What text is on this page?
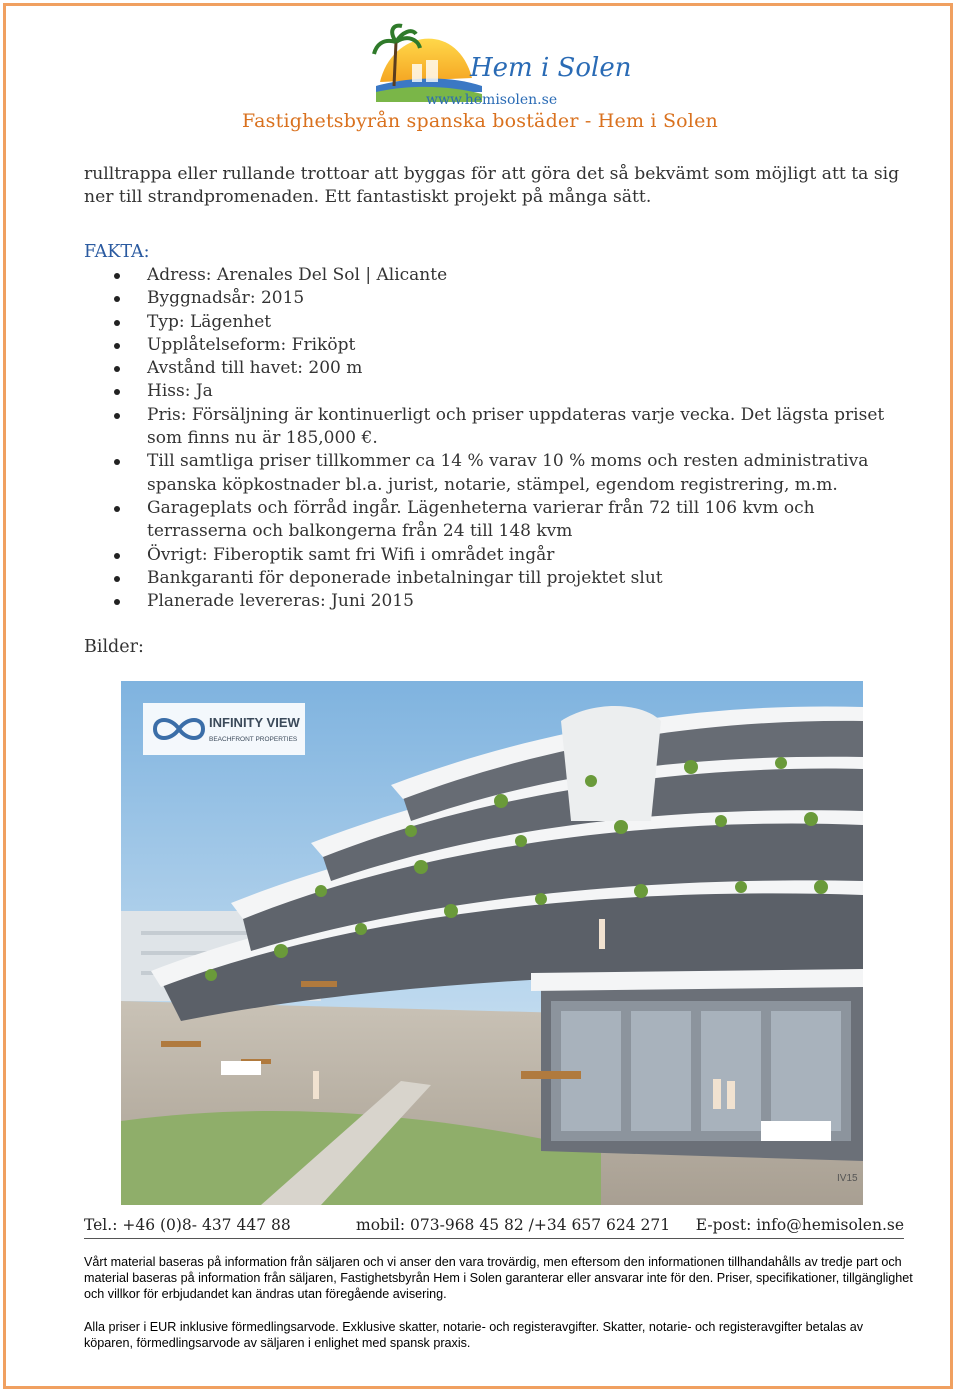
Hem i Solen
www.hemisolen.se
Fastighetsbyrån spanska bostäder - Hem i Solen
rulltrappa eller rullande trottoar att byggas för att göra det så bekvämt som möjligt att ta sig ner till strandpromenaden. Ett fantastiskt projekt på många sätt.
FAKTA:
Adress: Arenales Del Sol | Alicante
Byggnadsår: 2015
Typ: Lägenhet
Upplåtelseform: Friköpt
Avstånd till havet: 200 m
Hiss: Ja
Pris: Försäljning är kontinuerligt och priser uppdateras varje vecka. Det lägsta priset som finns nu är 185,000 €.
Till samtliga priser tillkommer ca 14 % varav 10 % moms och resten administrativa spanska köpkostnader bl.a. jurist, notarie, stämpel, egendom registrering, m.m.
Garageplats och förråd ingår. Lägenheterna varierar från 72 till 106 kvm och terrasserna och balkongerna från 24 till 148 kvm
Övrigt: Fiberoptik samt fri Wifi i området ingår
Bankgaranti för deponerade inbetalningar till projektet slut
Planerade levereras: Juni 2015
Bilder:
INFINITY VIEW
BEACHFRONT PROPERTIES
IV15
Tel.: +46 (0)8- 437 447 88	mobil: 073-968 45 82 /+34 657 624 271 E-post: info@hemisolen.se
Vårt material baseras på information från säljaren och vi anser den vara trovärdig, men eftersom den informationen tillhandahålls av tredje part och material baseras på information från säljaren, Fastighetsbyrån Hem i Solen garanterar eller ansvarar inte för den. Priser, specifikationer, tillgänglighet och villkor för erbjudandet kan ändras utan föregående avisering.
Alla priser i EUR inklusive förmedlingsarvode. Exklusive skatter, notarie- och registeravgifter. Skatter, notarie- och registeravgifter betalas av köparen, förmedlingsarvode av säljaren i enlighet med spansk praxis.
